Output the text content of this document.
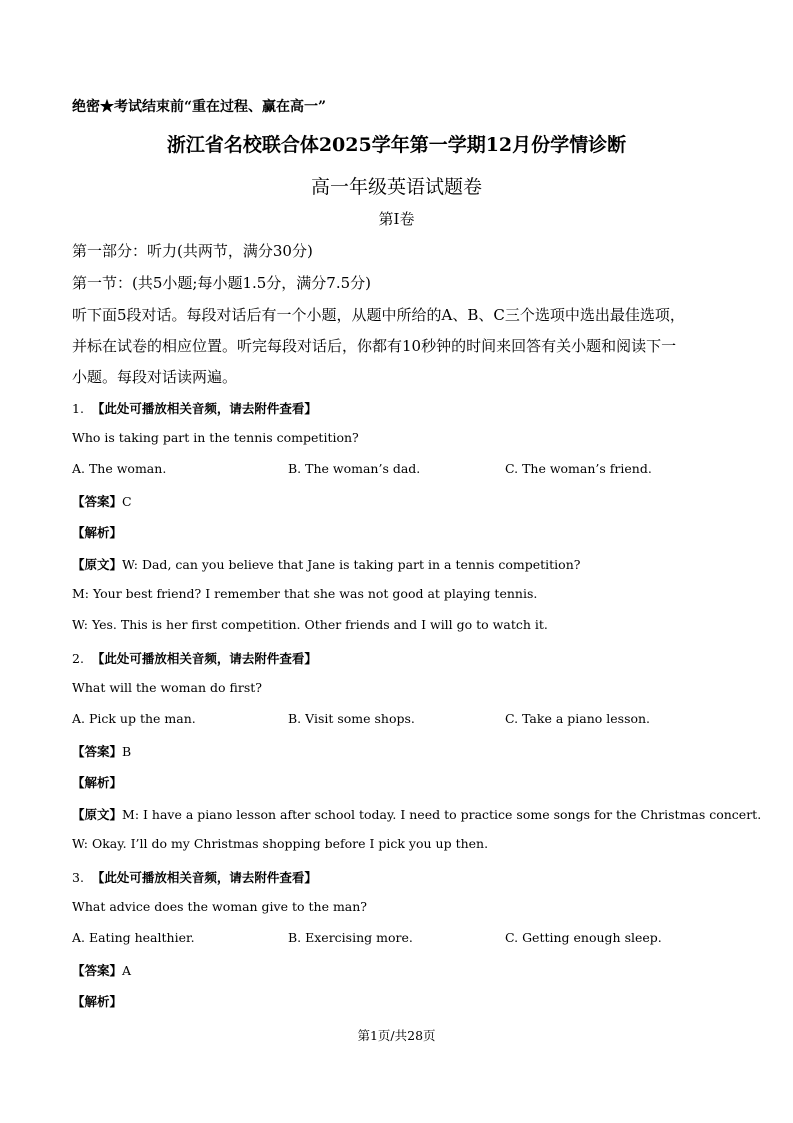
绝密★考试结束前“重在过程、赢在高一”
浙江省名校联合体2025学年第一学期12月份学情诊断
高一年级英语试题卷
第Ⅰ卷
第一部分：听力(共两节，满分30分)
第一节：(共5小题;每小题1.5分，满分7.5分)
听下面5段对话。每段对话后有一个小题，从题中所给的A、B、C三个选项中选出最佳选项，
并标在试卷的相应位置。听完每段对话后，你都有10秒钟的时间来回答有关小题和阅读下一
小题。每段对话读两遍。
1. 【此处可播放相关音频，请去附件查看】
Who is taking part in the tennis competition?
A. The woman.	B. The woman’s dad.	C. The woman’s friend.
【答案】C
【解析】
【原文】W: Dad, can you believe that Jane is taking part in a tennis competition?
M: Your best friend? I remember that she was not good at playing tennis.
W: Yes. This is her first competition. Other friends and I will go to watch it.
2. 【此处可播放相关音频，请去附件查看】
What will the woman do first?
A. Pick up the man.	B. Visit some shops.	C. Take a piano lesson.
【答案】B
【解析】
【原文】M: I have a piano lesson after school today. I need to practice some songs for the Christmas concert.
W: Okay. I’ll do my Christmas shopping before I pick you up then.
3. 【此处可播放相关音频，请去附件查看】
What advice does the woman give to the man?
A. Eating healthier.	B. Exercising more.	C. Getting enough sleep.
【答案】A
【解析】
第1页/共28页
